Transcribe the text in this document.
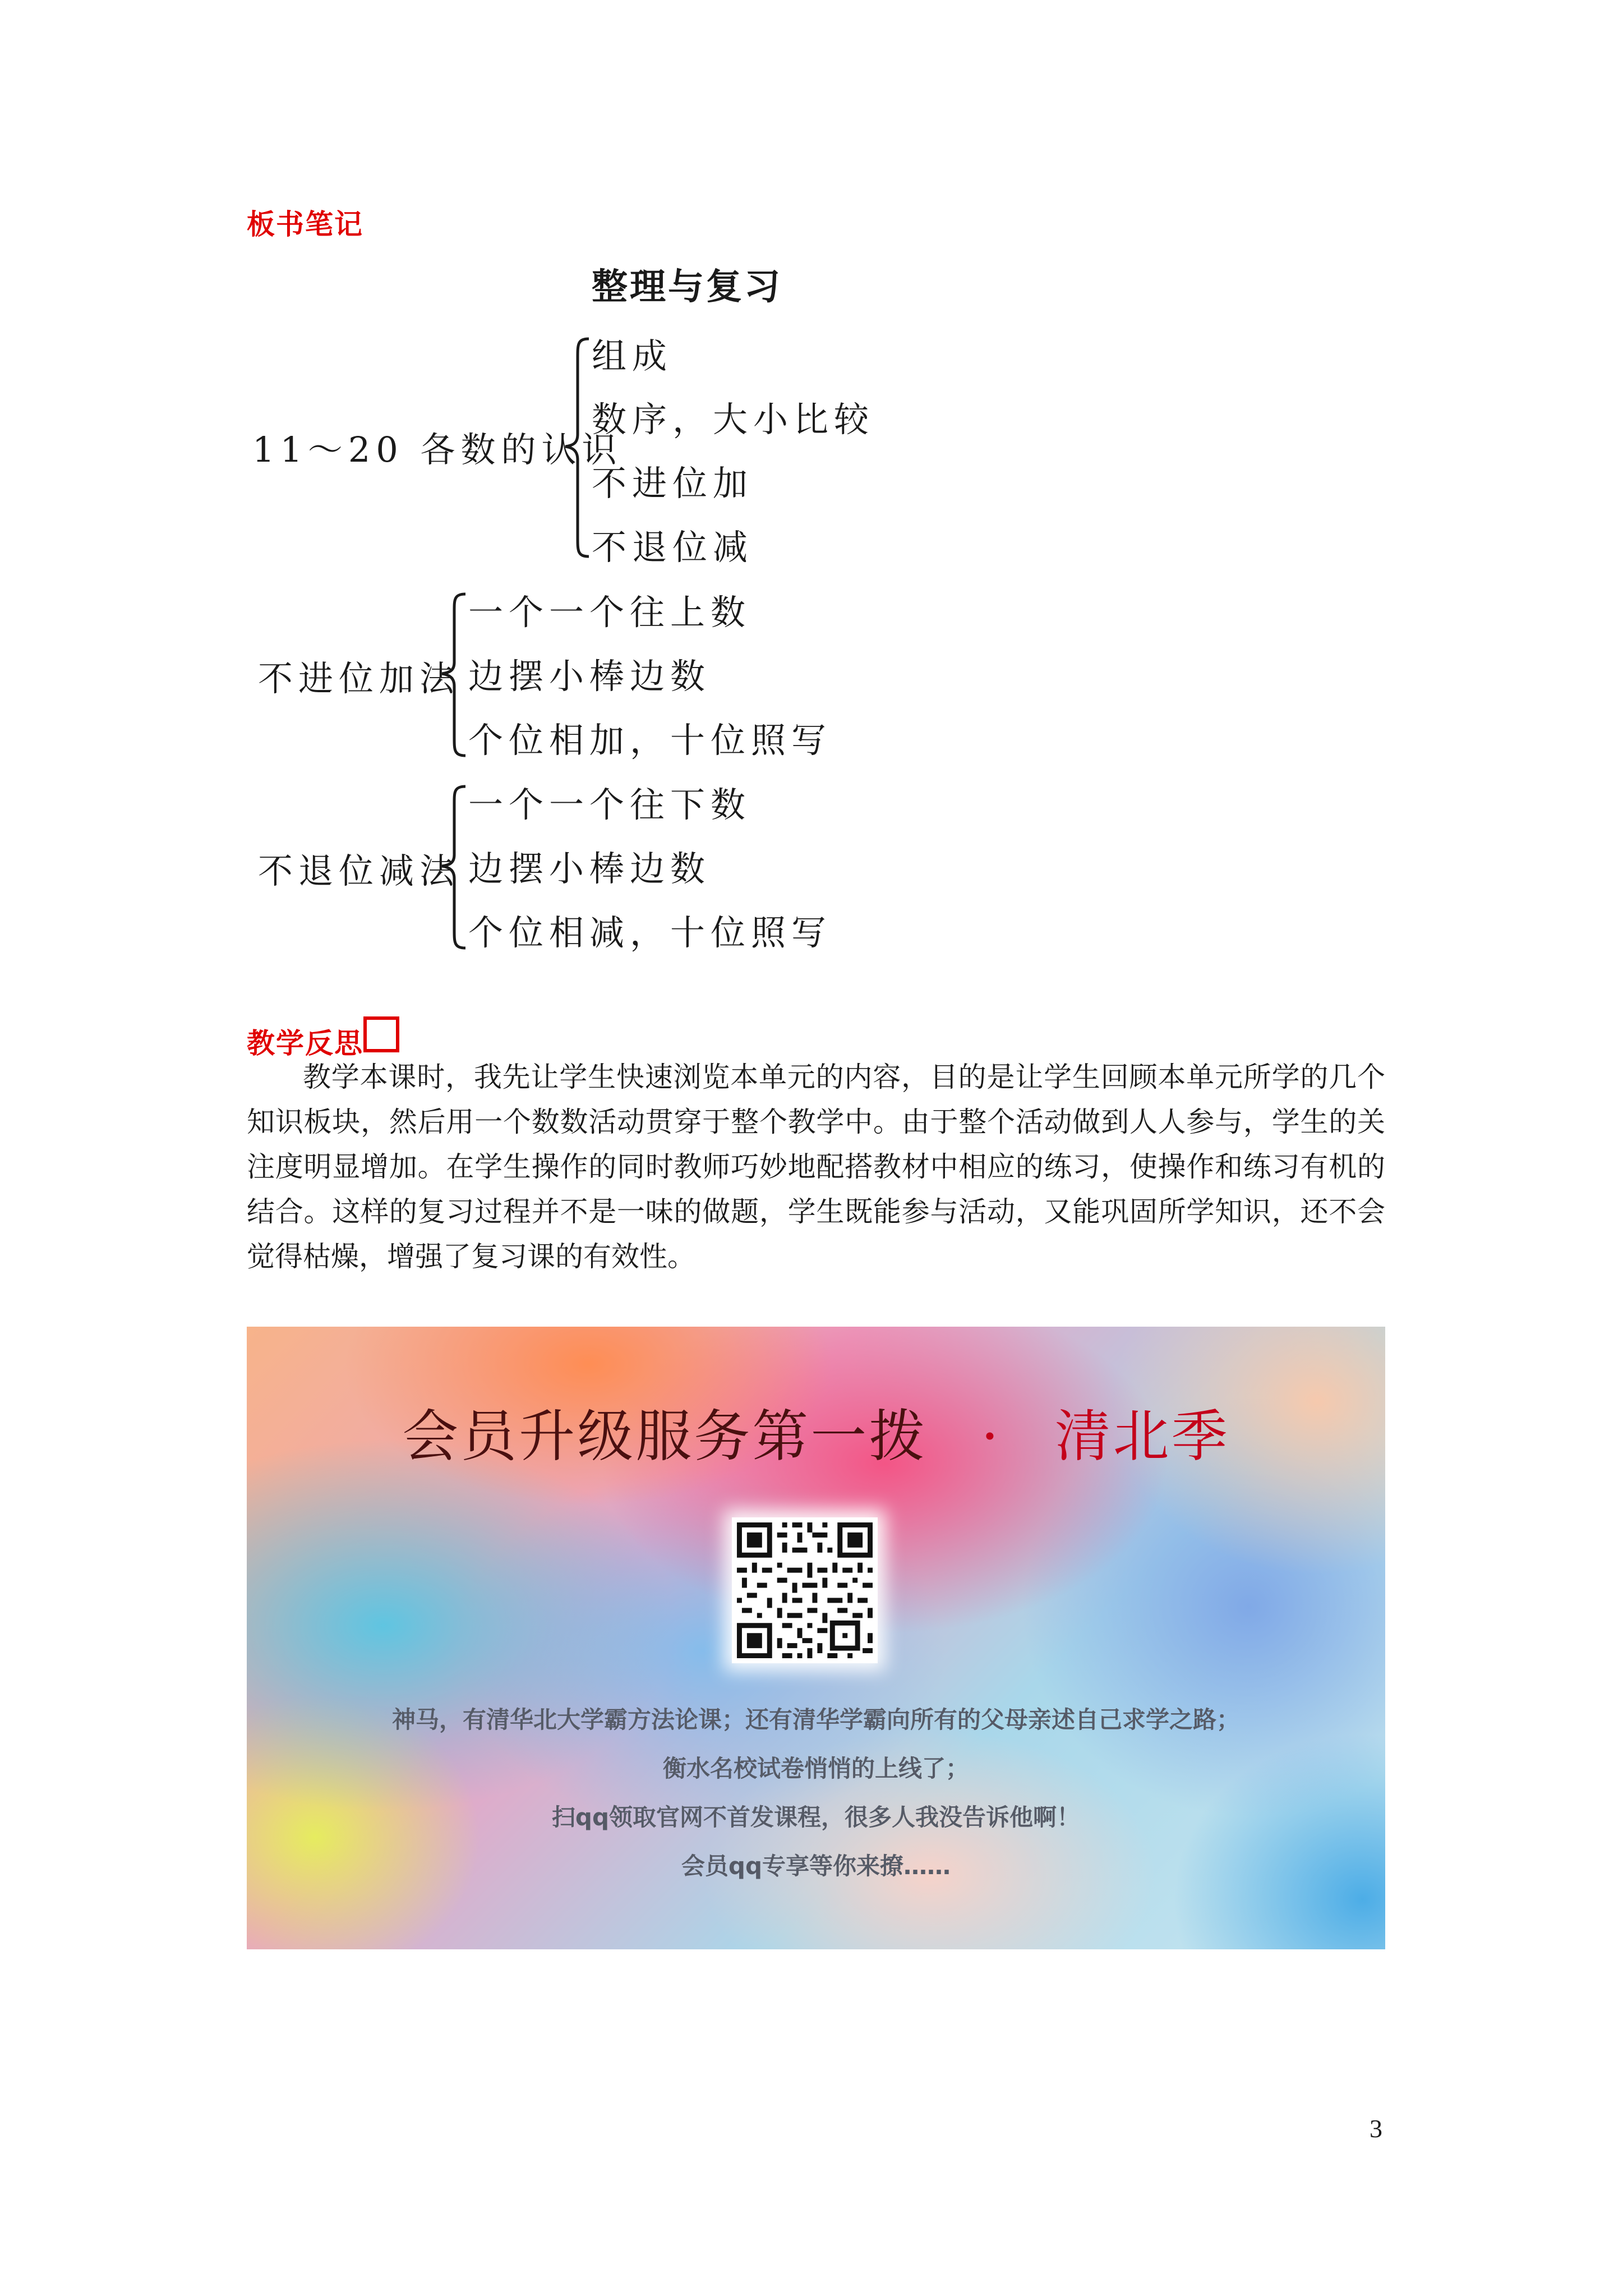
板书笔记
整理与复习
11～20 各数的认识
组成
数序，大小比较
不进位加
不退位减
不进位加法
一个一个往上数
边摆小棒边数
个位相加，十位照写
不退位减法
一个一个往下数
边摆小棒边数
个位相减，十位照写
教学反思
教学本课时，我先让学生快速浏览本单元的内容，目的是让学生回顾本单元所学的几个知识板块，然后用一个数数活动贯穿于整个教学中。由于整个活动做到人人参与，学生的关注度明显增加。在学生操作的同时教师巧妙地配搭教材中相应的练习，使操作和练习有机的结合。这样的复习过程并不是一味的做题，学生既能参与活动，又能巩固所学知识，还不会觉得枯燥，增强了复习课的有效性。
会员升级服务第一拨 · 清北季
神马，有清华北大学霸方法论课；还有清华学霸向所有的父母亲述自己求学之路；
衡水名校试卷悄悄的上线了；
扫qq领取官网不首发课程，很多人我没告诉他啊！
会员qq专享等你来撩……
3
